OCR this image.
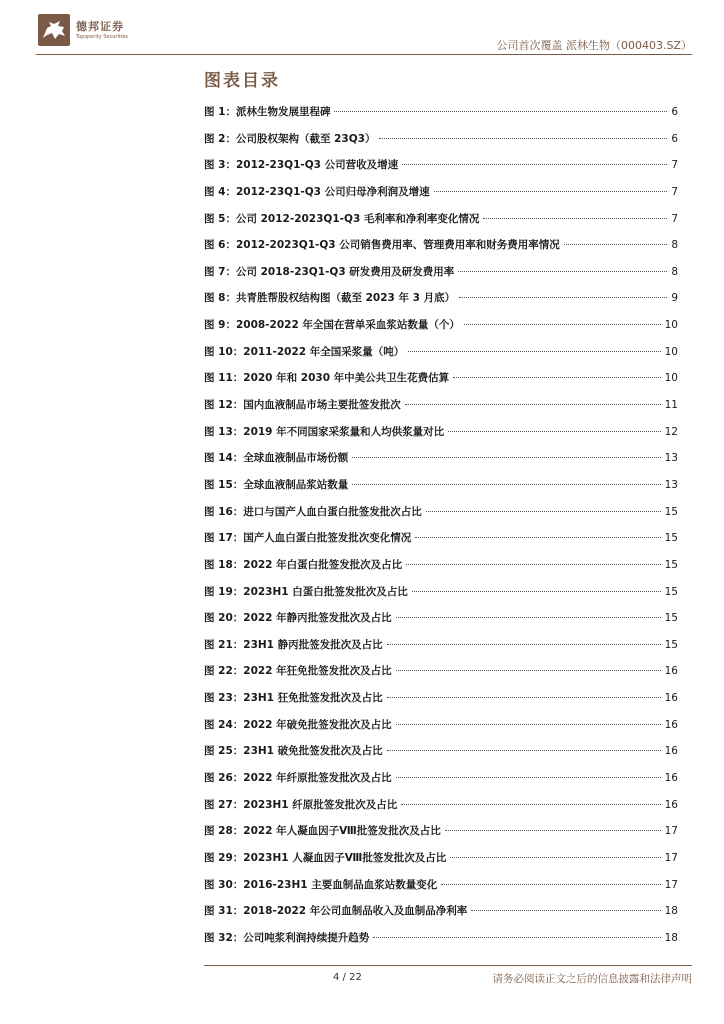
德邦证券
Topsperity Securities
公司首次覆盖 派林生物（000403.SZ）
图表目录
图 1：派林生物发展里程碑	6
图 2：公司股权架构（截至 23Q3）	6
图 3：2012-23Q1-Q3 公司营收及增速	7
图 4：2012-23Q1-Q3 公司归母净利润及增速	7
图 5：公司 2012-2023Q1-Q3 毛利率和净利率变化情况	7
图 6：2012-2023Q1-Q3 公司销售费用率、管理费用率和财务费用率情况	8
图 7：公司 2018-23Q1-Q3 研发费用及研发费用率	8
图 8：共青胜帮股权结构图（截至 2023 年 3 月底）	9
图 9：2008-2022 年全国在营单采血浆站数量（个）	10
图 10：2011-2022 年全国采浆量（吨）	10
图 11：2020 年和 2030 年中美公共卫生花费估算	10
图 12：国内血液制品市场主要批签发批次	11
图 13：2019 年不同国家采浆量和人均供浆量对比	12
图 14：全球血液制品市场份额	13
图 15：全球血液制品浆站数量	13
图 16：进口与国产人血白蛋白批签发批次占比	15
图 17：国产人血白蛋白批签发批次变化情况	15
图 18：2022 年白蛋白批签发批次及占比	15
图 19：2023H1 白蛋白批签发批次及占比	15
图 20：2022 年静丙批签发批次及占比	15
图 21：23H1 静丙批签发批次及占比	15
图 22：2022 年狂免批签发批次及占比	16
图 23：23H1 狂免批签发批次及占比	16
图 24：2022 年破免批签发批次及占比	16
图 25：23H1 破免批签发批次及占比	16
图 26：2022 年纤原批签发批次及占比	16
图 27：2023H1 纤原批签发批次及占比	16
图 28：2022 年人凝血因子Ⅷ批签发批次及占比	17
图 29：2023H1 人凝血因子Ⅷ批签发批次及占比	17
图 30：2016-23H1 主要血制品血浆站数量变化	17
图 31：2018-2022 年公司血制品收入及血制品净利率	18
图 32：公司吨浆利润持续提升趋势	18
4 / 22	请务必阅读正文之后的信息披露和法律声明
